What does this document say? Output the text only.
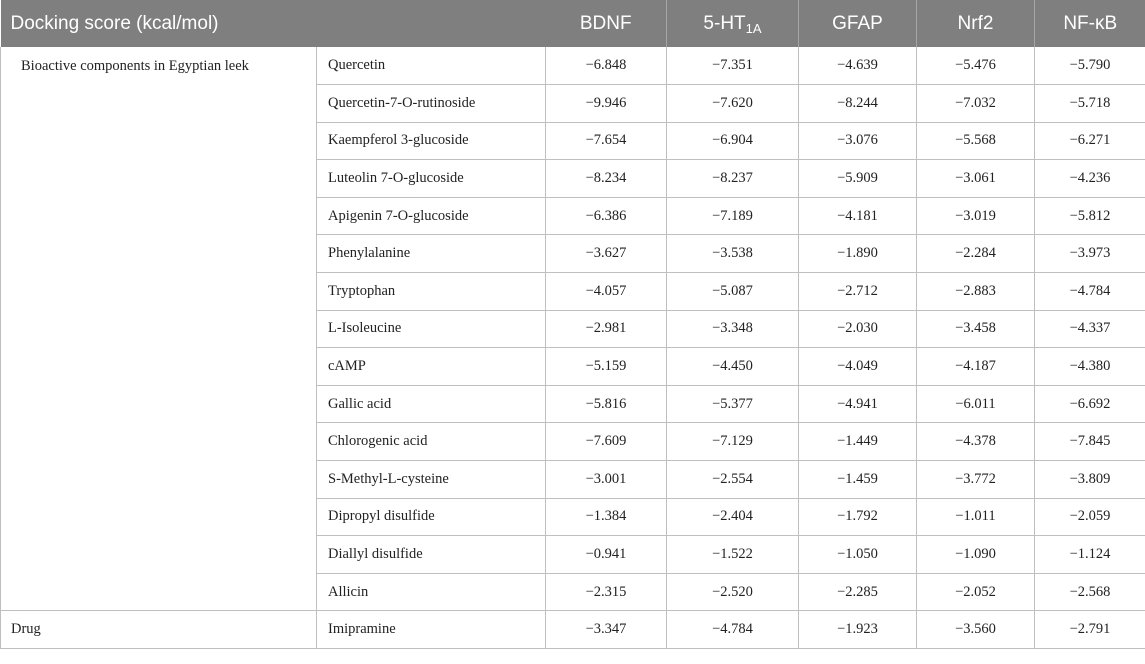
Docking score (kcal/mol)		BDNF	$5-HT_{1A}$	GFAP	Nrf2	NF-κB
Bioactive components in Egyptian leek	Quercetin	−6.848	−7.351	−4.639	−5.476	−5.790
	Quercetin-7-O-rutinoside	−9.946	−7.620	−8.244	−7.032	−5.718
	Kaempferol 3-glucoside	−7.654	−6.904	−3.076	−5.568	−6.271
	Luteolin 7-O-glucoside	−8.234	−8.237	−5.909	−3.061	−4.236
	Apigenin 7-O-glucoside	−6.386	−7.189	−4.181	−3.019	−5.812
	Phenylalanine	−3.627	−3.538	−1.890	−2.284	−3.973
	Tryptophan	−4.057	−5.087	−2.712	−2.883	−4.784
	L-Isoleucine	−2.981	−3.348	−2.030	−3.458	−4.337
	cAMP	−5.159	−4.450	−4.049	−4.187	−4.380
	Gallic acid	−5.816	−5.377	−4.941	−6.011	−6.692
	Chlorogenic acid	−7.609	−7.129	−1.449	−4.378	−7.845
	S-Methyl-L-cysteine	−3.001	−2.554	−1.459	−3.772	−3.809
	Dipropyl disulfide	−1.384	−2.404	−1.792	−1.011	−2.059
	Diallyl disulfide	−0.941	−1.522	−1.050	−1.090	−1.124
	Allicin	−2.315	−2.520	−2.285	−2.052	−2.568
Drug	Imipramine	−3.347	−4.784	−1.923	−3.560	−2.791
